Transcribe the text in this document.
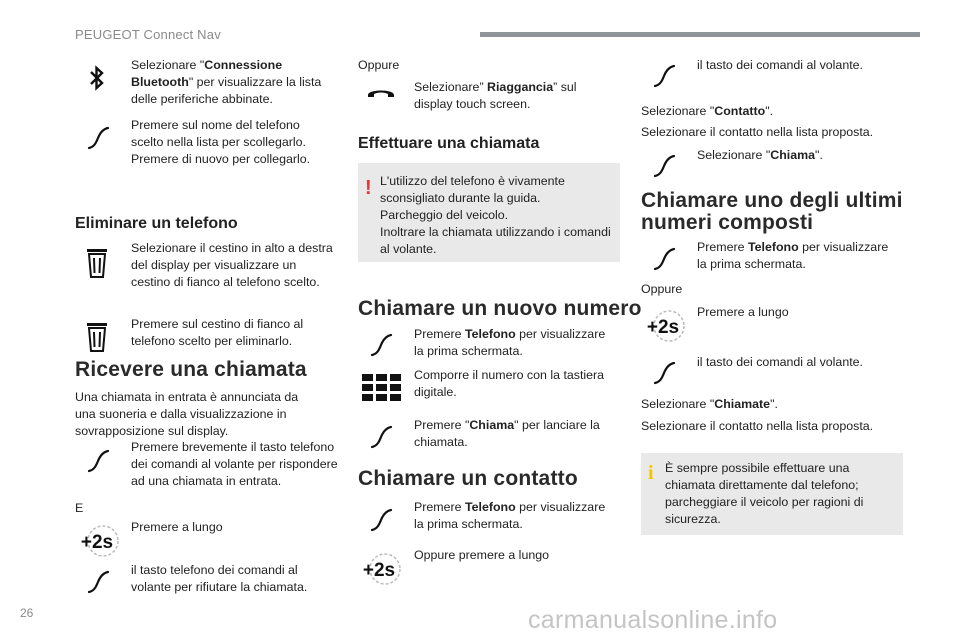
PEUGEOT Connect Nav
Selezionare "Connessione
Bluetooth" per visualizzare la lista
delle periferiche abbinate.
Premere sul nome del telefono
scelto nella lista per scollegarlo.
Premere di nuovo per collegarlo.
Eliminare un telefono
Selezionare il cestino in alto a destra
del display per visualizzare un
cestino di fianco al telefono scelto.
Premere sul cestino di fianco al
telefono scelto per eliminarlo.
Ricevere una chiamata
Una chiamata in entrata è annunciata da
una suoneria e dalla visualizzazione in
sovrapposizione sul display.
Premere brevemente il tasto telefono
dei comandi al volante per rispondere
ad una chiamata in entrata.
E
+2s
Premere a lungo
il tasto telefono dei comandi al
volante per rifiutare la chiamata.
Oppure
Selezionare” Riaggancia” sul
display touch screen.
Effettuare una chiamata
! L'utilizzo del telefono è vivamente
sconsigliato durante la guida.
Parcheggio del veicolo.
Inoltrare la chiamata utilizzando i comandi
al volante.
Chiamare un nuovo numero
Premere Telefono per visualizzare
la prima schermata.
Comporre il numero con la tastiera
digitale.
Premere "Chiama" per lanciare la
chiamata.
Chiamare un contatto
Premere Telefono per visualizzare
la prima schermata.
+2s
Oppure premere a lungo
il tasto dei comandi al volante.
Selezionare "Contatto".
Selezionare il contatto nella lista proposta.
Selezionare "Chiama".
Chiamare uno degli ultimi
numeri composti
Premere Telefono per visualizzare
la prima schermata.
Oppure
+2s
Premere a lungo
il tasto dei comandi al volante.
Selezionare "Chiamate".
Selezionare il contatto nella lista proposta.
i È sempre possibile effettuare una
chiamata direttamente dal telefono;
parcheggiare il veicolo per ragioni di
sicurezza.
26	carmanualsonline.info
